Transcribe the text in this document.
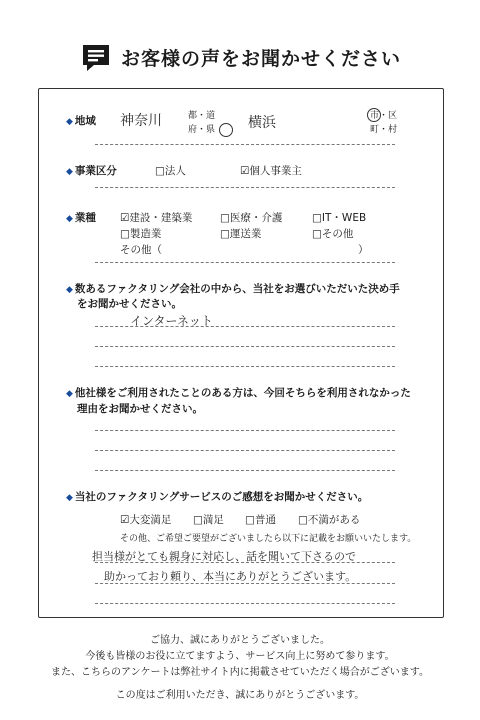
お客様の声をお聞かせください
◆ 地域 神奈川	都・道
府・県 横浜	市・区
町・村
◆ 事業区分	□法人	☑個人事業主
◆ 業種 ☑建設・建築業	□医療・介護	□IT・WEB
□製造業	□運送業	□その他
その他（	）
◆ 数あるファクタリング会社の中から、当社をお選びいただいた決め手
をお聞かせください。
インターネット
◆ 他社様をご利用されたことのある方は、今回そちらを利用されなかった
理由をお聞かせください。
◆ 当社のファクタリングサービスのご感想をお聞かせください。
☑大変満足 □満足 □普通 □不満がある
その他、ご希望ご要望がございましたら以下に記載をお願いいたします。
担当様がとても親身に対応し、話を聞いて下さるので
助かっており頼り、本当にありがとうございます。
ご協力、誠にありがとうございました。
今後も皆様のお役に立てますよう、サービス向上に努めて参ります。
また、こちらのアンケートは弊社サイト内に掲載させていただく場合がございます。
この度はご利用いただき、誠にありがとうございます。
